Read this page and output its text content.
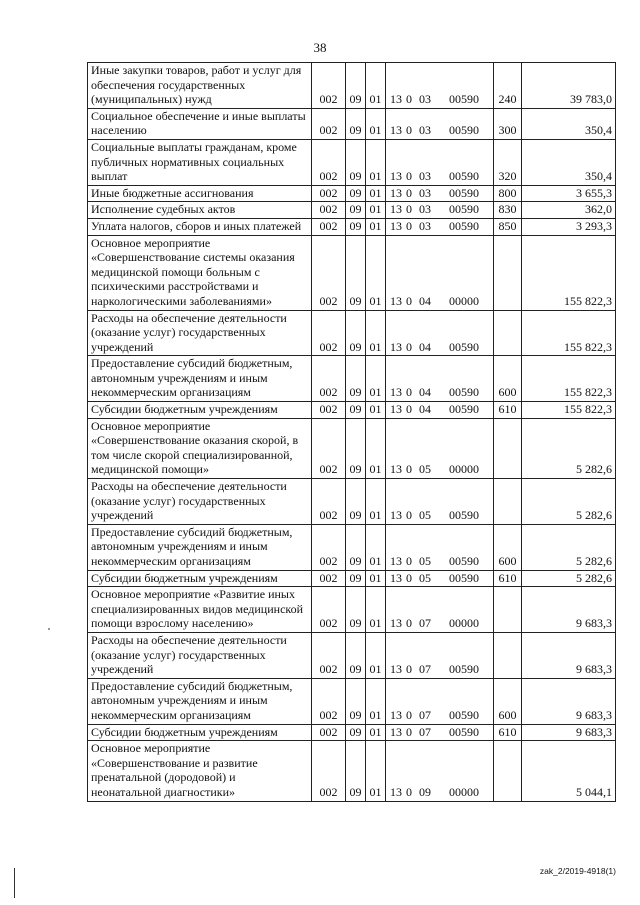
38
Иные закупки товаров, работ и услуг для обеспечения государственных (муниципальных) нужд	002	09	01	13 0 03 00590	240	39 783,0
Социальное обеспечение и иные выплаты населению	002	09	01	13 0 03 00590	300	350,4
Социальные выплаты гражданам, кроме публичных нормативных социальных выплат	002	09	01	13 0 03 00590	320	350,4
Иные бюджетные ассигнования	002	09	01	13 0 03 00590	800	3 655,3
Исполнение судебных актов	002	09	01	13 0 03 00590	830	362,0
Уплата налогов, сборов и иных платежей	002	09	01	13 0 03 00590	850	3 293,3
Основное мероприятие «Совершенствование системы оказания медицинской помощи больным с психическими расстройствами и наркологическими заболеваниями»	002	09	01	13 0 04 00000		155 822,3
Расходы на обеспечение деятельности (оказание услуг) государственных учреждений	002	09	01	13 0 04 00590		155 822,3
Предоставление субсидий бюджетным, автономным учреждениям и иным некоммерческим организациям	002	09	01	13 0 04 00590	600	155 822,3
Субсидии бюджетным учреждениям	002	09	01	13 0 04 00590	610	155 822,3
Основное мероприятие «Совершенствование оказания скорой, в том числе скорой специализированной, медицинской помощи»	002	09	01	13 0 05 00000		5 282,6
Расходы на обеспечение деятельности (оказание услуг) государственных учреждений	002	09	01	13 0 05 00590		5 282,6
Предоставление субсидий бюджетным, автономным учреждениям и иным некоммерческим организациям	002	09	01	13 0 05 00590	600	5 282,6
Субсидии бюджетным учреждениям	002	09	01	13 0 05 00590	610	5 282,6
Основное мероприятие «Развитие иных специализированных видов медицинской помощи взрослому населению»	002	09	01	13 0 07 00000		9 683,3
Расходы на обеспечение деятельности (оказание услуг) государственных учреждений	002	09	01	13 0 07 00590		9 683,3
Предоставление субсидий бюджетным, автономным учреждениям и иным некоммерческим организациям	002	09	01	13 0 07 00590	600	9 683,3
Субсидии бюджетным учреждениям	002	09	01	13 0 07 00590	610	9 683,3
Основное мероприятие «Совершенствование и развитие пренатальной (дородовой) и неонатальной диагностики»	002	09	01	13 0 09 00000		5 044,1
zak_2/2019-4918(1)
